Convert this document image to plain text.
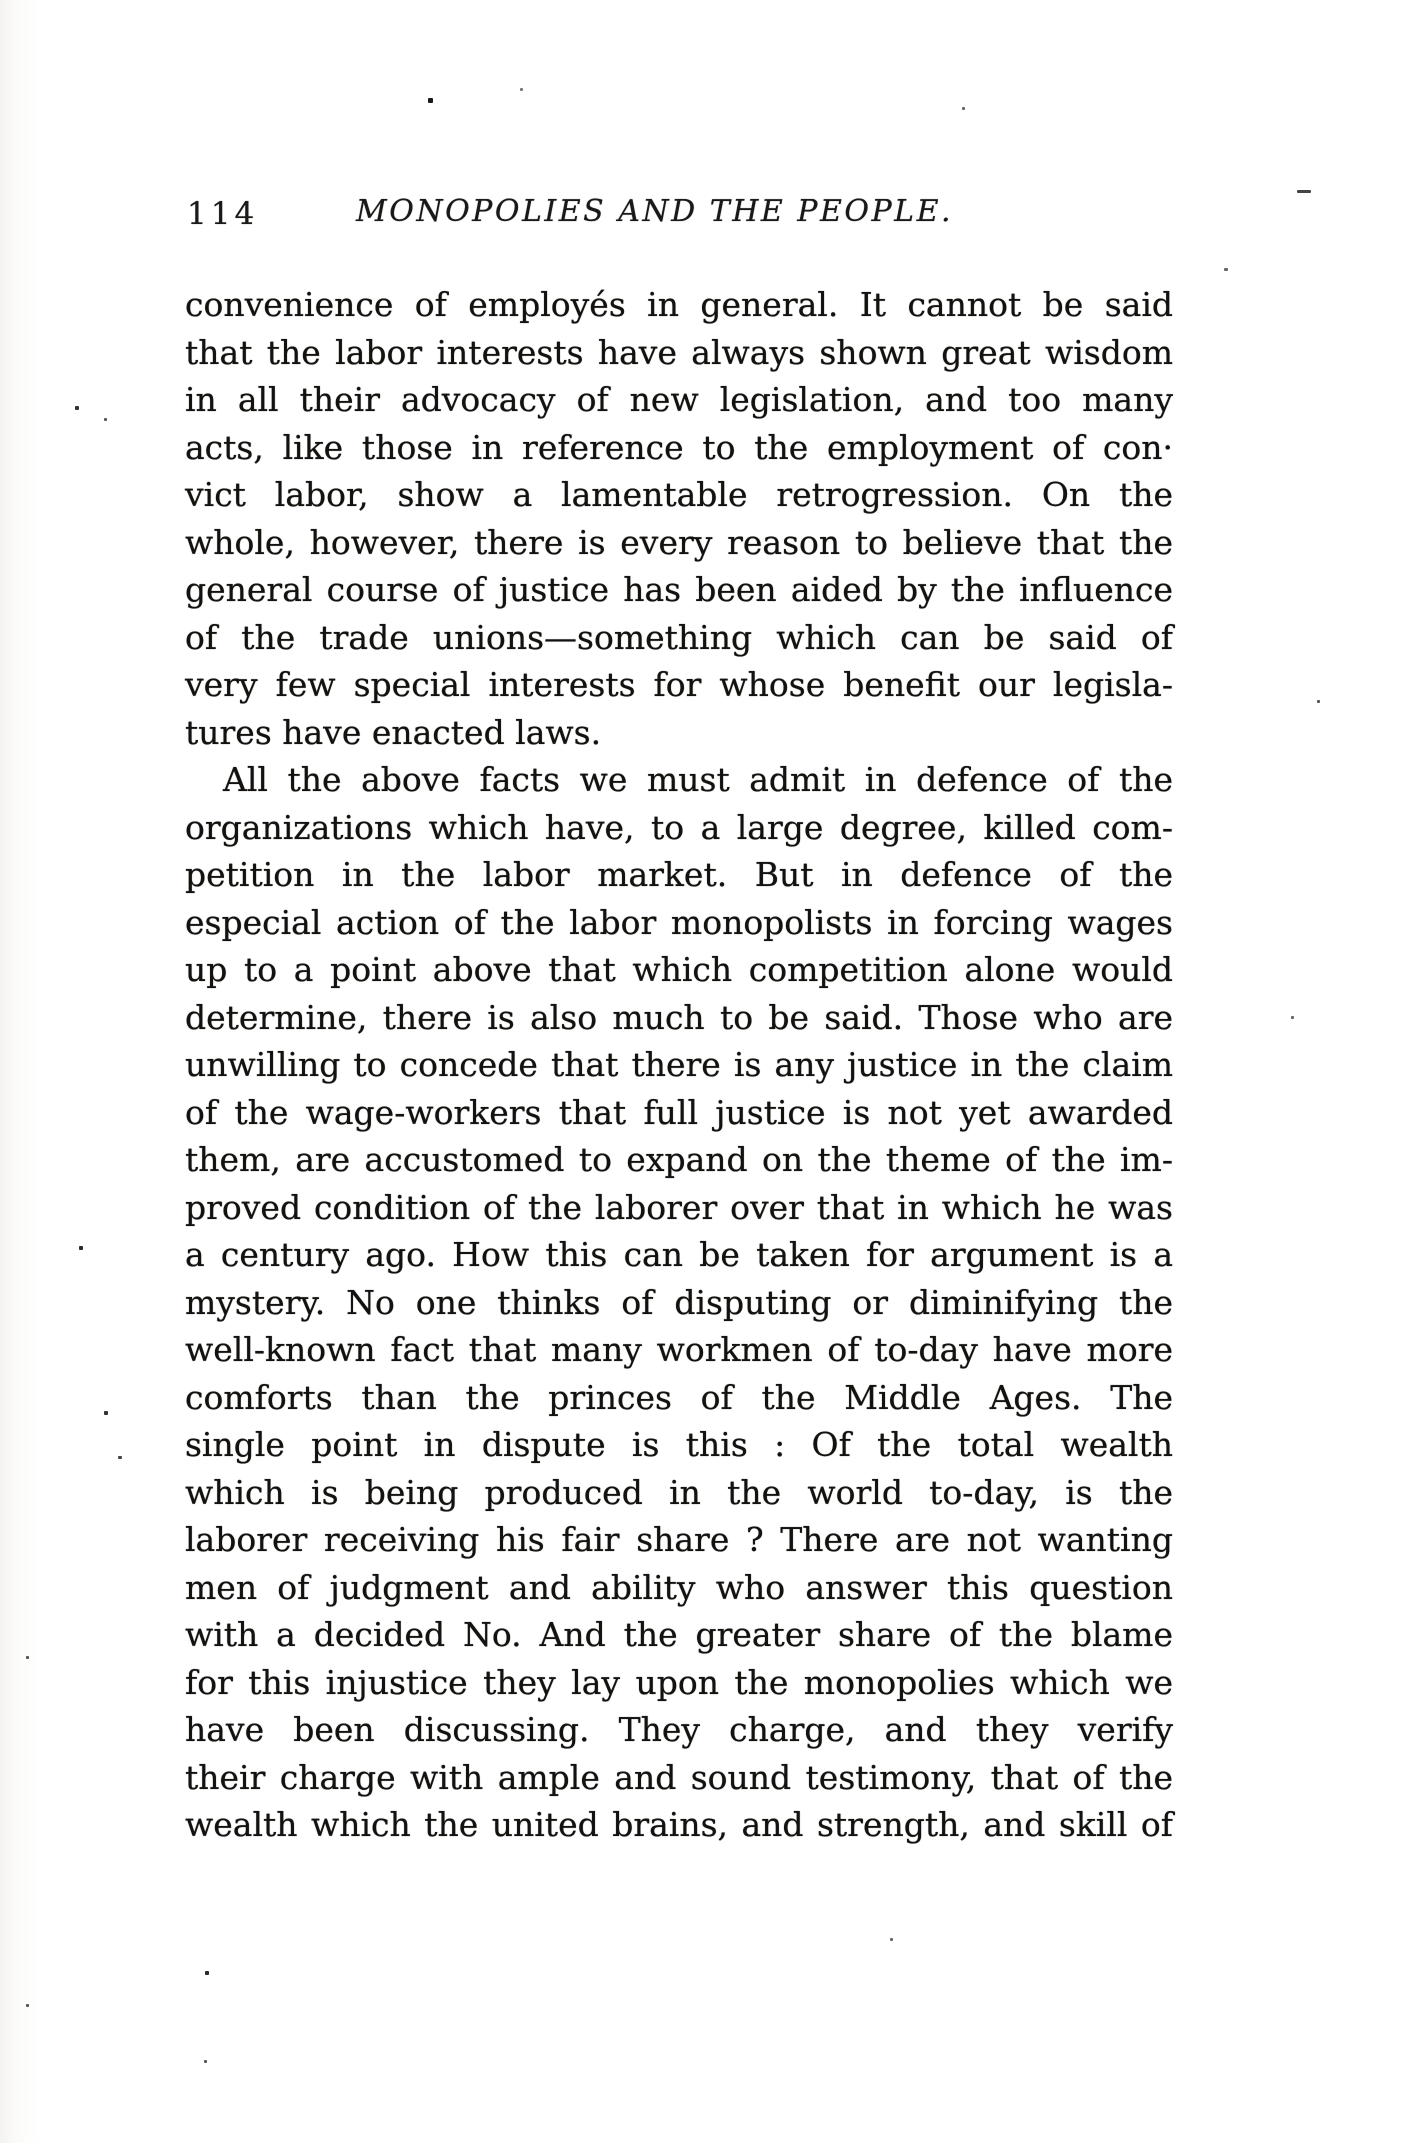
114	MONOPOLIES AND THE PEOPLE.
convenience of employés in general. It cannot be said
that the labor interests have always shown great wisdom
in all their advocacy of new legislation, and too many
acts, like those in reference to the employment of con·
vict labor, show a lamentable retrogression. On the
whole, however, there is every reason to believe that the
general course of justice has been aided by the influence
of the trade unions—something which can be said of
very few special interests for whose benefit our legisla-
tures have enacted laws.
All the above facts we must admit in defence of the
organizations which have, to a large degree, killed com-
petition in the labor market. But in defence of the
especial action of the labor monopolists in forcing wages
up to a point above that which competition alone would
determine, there is also much to be said. Those who are
unwilling to concede that there is any justice in the claim
of the wage-workers that full justice is not yet awarded
them, are accustomed to expand on the theme of the im-
proved condition of the laborer over that in which he was
a century ago. How this can be taken for argument is a
mystery. No one thinks of disputing or diminifying the
well-known fact that many workmen of to-day have more
comforts than the princes of the Middle Ages. The
single point in dispute is this : Of the total wealth
which is being produced in the world to-day, is the
laborer receiving his fair share ? There are not wanting
men of judgment and ability who answer this question
with a decided No. And the greater share of the blame
for this injustice they lay upon the monopolies which we
have been discussing. They charge, and they verify
their charge with ample and sound testimony, that of the
wealth which the united brains, and strength, and skill of
